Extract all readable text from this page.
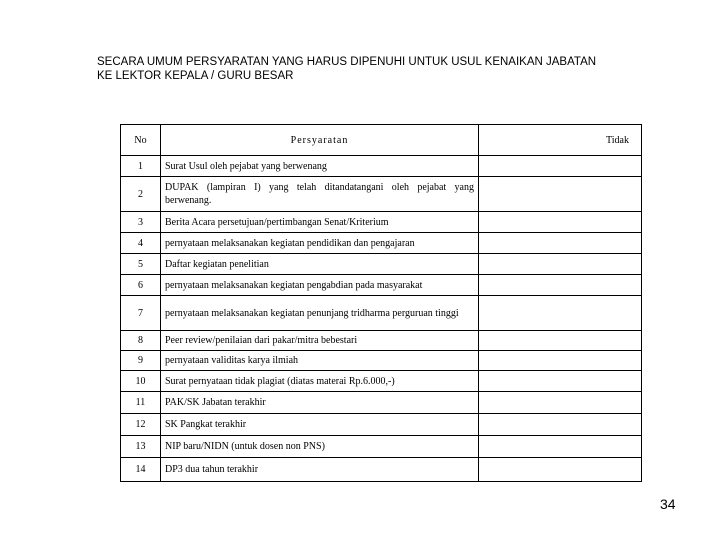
SECARA UMUM PERSYARATAN YANG HARUS DIPENUHI UNTUK USUL KENAIKAN JABATAN
KE LEKTOR KEPALA / GURU BESAR
No	Persyaratan	Tidak
1	Surat Usul oleh pejabat yang berwenang	
2	DUPAK (lampiran I) yang telah ditandatangani oleh pejabat yang berwenang.	
3	Berita Acara persetujuan/pertimbangan Senat/Kriterium	
4	pernyataan melaksanakan kegiatan pendidikan dan pengajaran	
5	Daftar kegiatan penelitian	
6	pernyataan melaksanakan kegiatan pengabdian pada masyarakat	
7	pernyataan melaksanakan kegiatan penunjang tridharma perguruan tinggi	
8	Peer review/penilaian dari pakar/mitra bebestari	
9	pernyataan validitas karya ilmiah	
10	Surat pernyataan tidak plagiat (diatas materai Rp.6.000,-)	
11	PAK/SK Jabatan terakhir	
12	SK Pangkat terakhir	
13	NIP baru/NIDN (untuk dosen non PNS)	
14	DP3 dua tahun terakhir	
34
